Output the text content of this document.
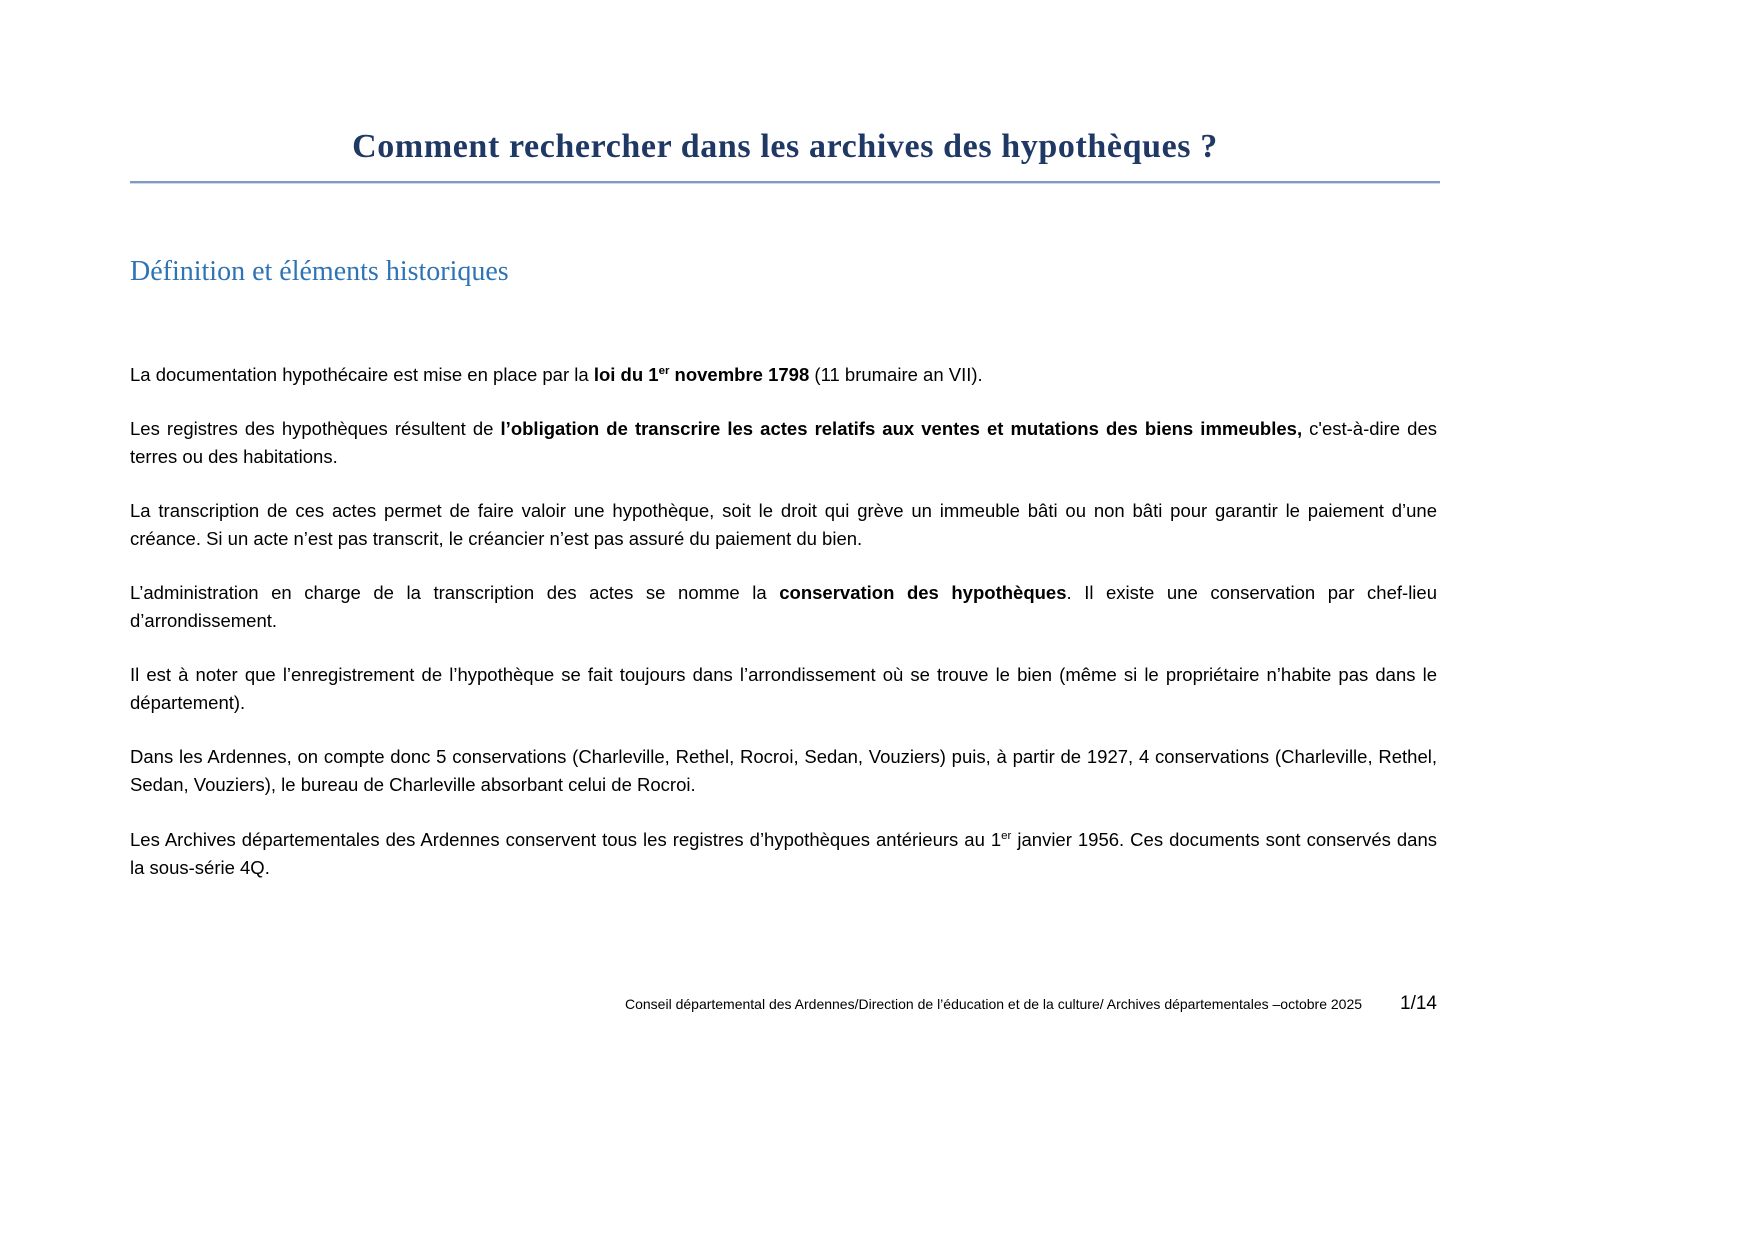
Comment rechercher dans les archives des hypothèques ?
Définition et éléments historiques

La documentation hypothécaire est mise en place par la loi du 1er novembre 1798 (11 brumaire an VII).

Les registres des hypothèques résultent de l’obligation de transcrire les actes relatifs aux ventes et mutations des biens immeubles, c'est-à-dire des terres ou des habitations.

La transcription de ces actes permet de faire valoir une hypothèque, soit le droit qui grève un immeuble bâti ou non bâti pour garantir le paiement d’une créance. Si un acte n’est pas transcrit, le créancier n’est pas assuré du paiement du bien.

L’administration en charge de la transcription des actes se nomme la conservation des hypothèques. Il existe une conservation par chef-lieu d’arrondissement.

Il est à noter que l’enregistrement de l’hypothèque se fait toujours dans l’arrondissement où se trouve le bien (même si le propriétaire n’habite pas dans le département).

Dans les Ardennes, on compte donc 5 conservations (Charleville, Rethel, Rocroi, Sedan, Vouziers) puis, à partir de 1927, 4 conservations (Charleville, Rethel, Sedan, Vouziers), le bureau de Charleville absorbant celui de Rocroi.

Les Archives départementales des Ardennes conservent tous les registres d’hypothèques antérieurs au 1er janvier 1956. Ces documents sont conservés dans la sous-série 4Q.

Conseil départemental des Ardennes/Direction de l’éducation et de la culture/ Archives départementales –octobre 2025 1/14
